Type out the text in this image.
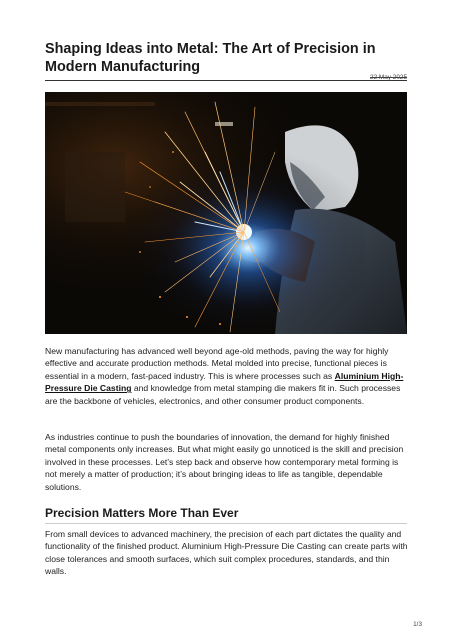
Shaping Ideas into Metal: The Art of Precision in Modern Manufacturing
22 May 2025

New manufacturing has advanced well beyond age-old methods, paving the way for highly effective and accurate production methods. Metal molded into precise, functional pieces is essential in a modern, fast-paced industry. This is where processes such as Aluminium High-Pressure Die Casting and knowledge from metal stamping die makers fit in. Such processes are the backbone of vehicles, electronics, and other consumer product components.

As industries continue to push the boundaries of innovation, the demand for highly finished metal components only increases. But what might easily go unnoticed is the skill and precision involved in these processes. Let’s step back and observe how contemporary metal forming is not merely a matter of production; it’s about bringing ideas to life as tangible, dependable solutions.

Precision Matters More Than Ever

From small devices to advanced machinery, the precision of each part dictates the quality and functionality of the finished product. Aluminium High-Pressure Die Casting can create parts with close tolerances and smooth surfaces, which suit complex procedures, standards, and thin walls.

1/3
